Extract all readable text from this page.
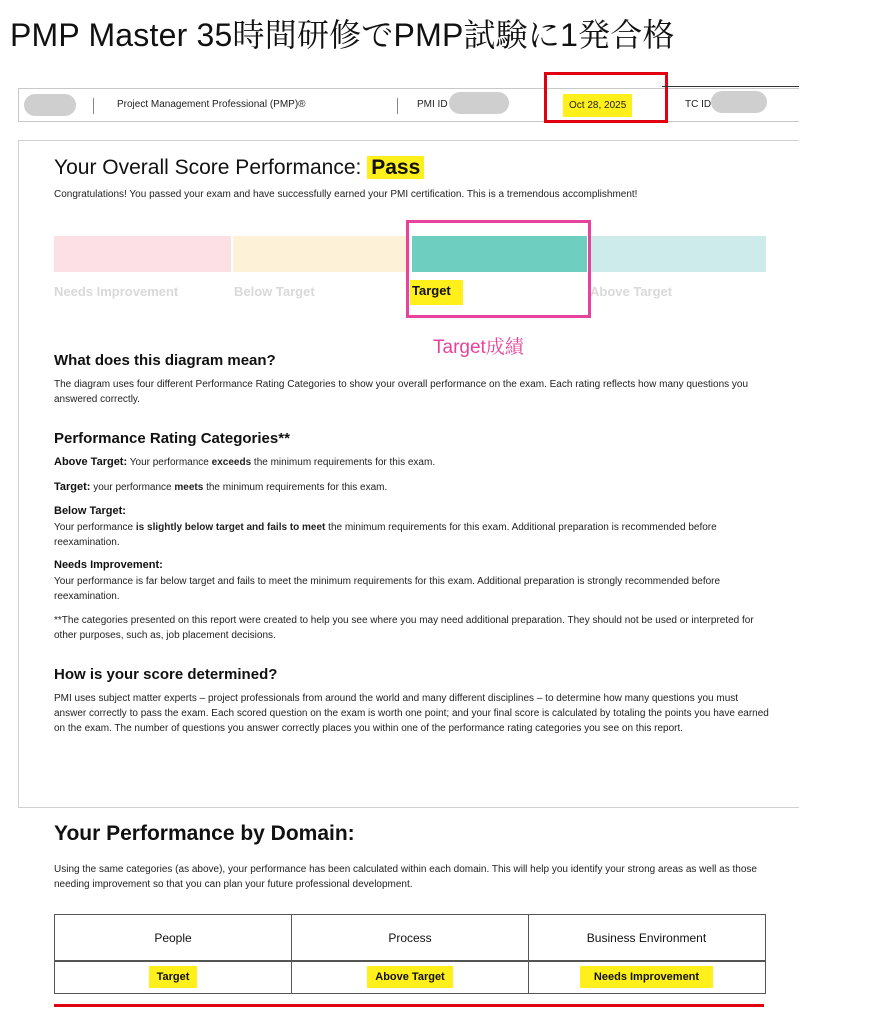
PMP Master 35時間研修でPMP試験に1発合格
Project Management Professional (PMP)®	PMI ID	Oct 28, 2025	TC ID
Your Overall Score Performance: Pass
Congratulations! You passed your exam and have successfully earned your PMI certification. This is a tremendous accomplishment!
Needs Improvement	Below Target	Target	Above Target
Target成績
What does this diagram mean?
The diagram uses four different Performance Rating Categories to show your overall performance on the exam. Each rating reflects how many questions you answered correctly.
Performance Rating Categories**
Above Target: Your performance exceeds the minimum requirements for this exam.
Target: your performance meets the minimum requirements for this exam.
Below Target:
Your performance is slightly below target and fails to meet the minimum requirements for this exam. Additional preparation is recommended before reexamination.
Needs Improvement:
Your performance is far below target and fails to meet the minimum requirements for this exam. Additional preparation is strongly recommended before reexamination.
**The categories presented on this report were created to help you see where you may need additional preparation. They should not be used or interpreted for other purposes, such as, job placement decisions.
How is your score determined?
PMI uses subject matter experts – project professionals from around the world and many different disciplines – to determine how many questions you must answer correctly to pass the exam. Each scored question on the exam is worth one point; and your final score is calculated by totaling the points you have earned on the exam. The number of questions you answer correctly places you within one of the performance rating categories you see on this report.
Your Performance by Domain:
Using the same categories (as above), your performance has been calculated within each domain. This will help you identify your strong areas as well as those needing improvement so that you can plan your future professional development.
People	Process	Business Environment
Target	Above Target	Needs Improvement
